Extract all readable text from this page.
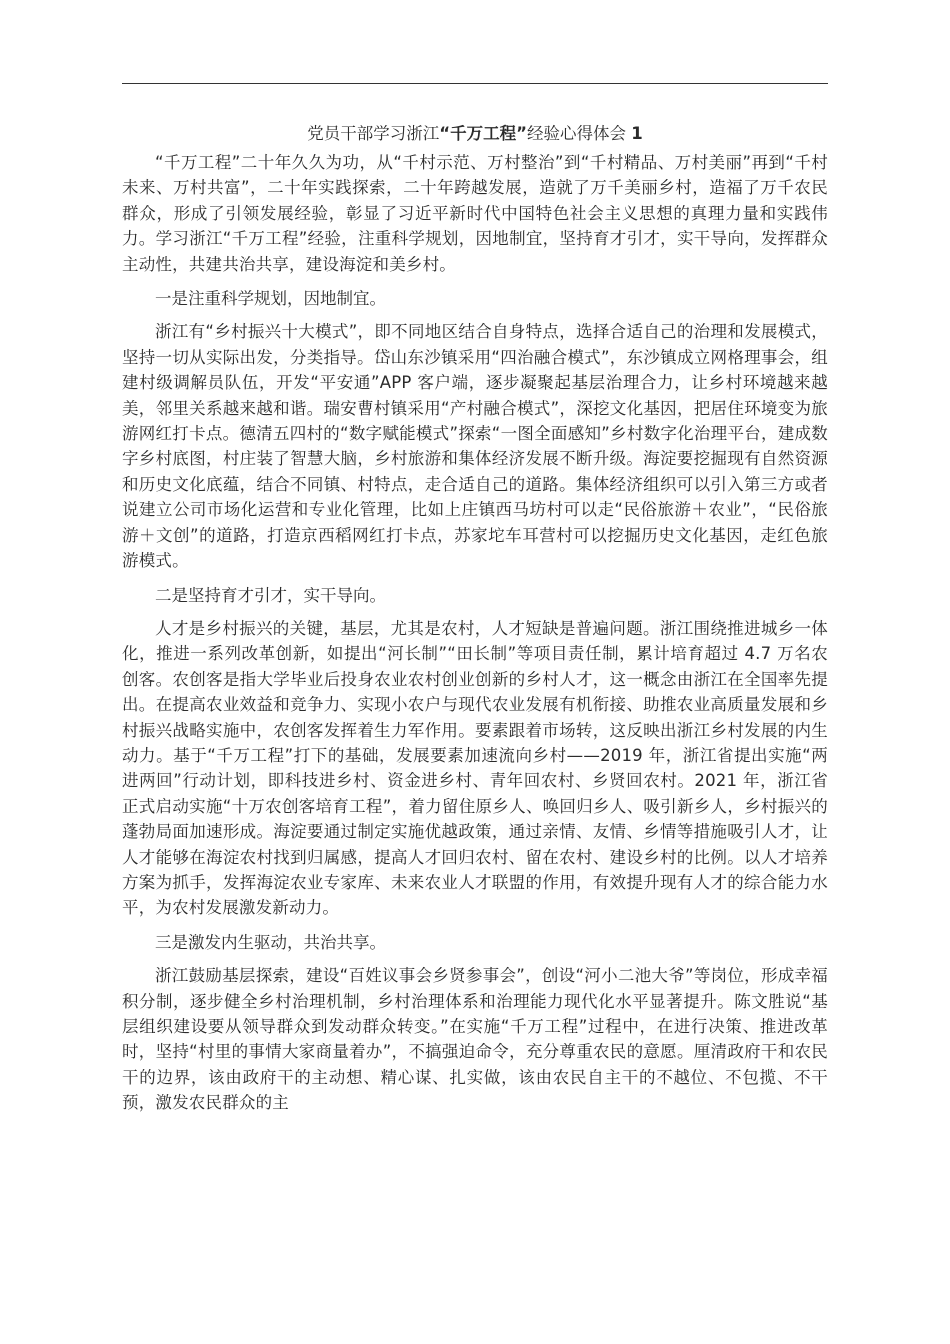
党员干部学习浙江“千万工程”经验心得体会 1

“千万工程”二十年久久为功，从“千村示范、万村整治”到“千村精品、万村美丽”再到“千村未来、万村共富”，二十年实践探索，二十年跨越发展，造就了万千美丽乡村，造福了万千农民群众，形成了引领发展经验，彰显了习近平新时代中国特色社会主义思想的真理力量和实践伟力。学习浙江“千万工程”经验，注重科学规划，因地制宜，坚持育才引才，实干导向，发挥群众主动性，共建共治共享，建设海淀和美乡村。

一是注重科学规划，因地制宜。

浙江有“乡村振兴十大模式”，即不同地区结合自身特点，选择合适自己的治理和发展模式，坚持一切从实际出发，分类指导。岱山东沙镇采用“四治融合模式”，东沙镇成立网格理事会，组建村级调解员队伍，开发“平安通”APP 客户端，逐步凝聚起基层治理合力，让乡村环境越来越美，邻里关系越来越和谐。瑞安曹村镇采用“产村融合模式”，深挖文化基因，把居住环境变为旅游网红打卡点。德清五四村的“数字赋能模式”探索“一图全面感知”乡村数字化治理平台，建成数字乡村底图，村庄装了智慧大脑，乡村旅游和集体经济发展不断升级。海淀要挖掘现有自然资源和历史文化底蕴，结合不同镇、村特点，走合适自己的道路。集体经济组织可以引入第三方或者说建立公司市场化运营和专业化管理，比如上庄镇西马坊村可以走“民俗旅游＋农业”，“民俗旅游＋文创”的道路，打造京西稻网红打卡点，苏家坨车耳营村可以挖掘历史文化基因，走红色旅游模式。

二是坚持育才引才，实干导向。

人才是乡村振兴的关键，基层，尤其是农村，人才短缺是普遍问题。浙江围绕推进城乡一体化，推进一系列改革创新，如提出“河长制”“田长制”等项目责任制，累计培育超过 4.7 万名农创客。农创客是指大学毕业后投身农业农村创业创新的乡村人才，这一概念由浙江在全国率先提出。在提高农业效益和竞争力、实现小农户与现代农业发展有机衔接、助推农业高质量发展和乡村振兴战略实施中，农创客发挥着生力军作用。要素跟着市场转，这反映出浙江乡村发展的内生动力。基于“千万工程”打下的基础，发展要素加速流向乡村——2019 年，浙江省提出实施“两进两回”行动计划，即科技进乡村、资金进乡村、青年回农村、乡贤回农村。2021 年，浙江省正式启动实施“十万农创客培育工程”，着力留住原乡人、唤回归乡人、吸引新乡人，乡村振兴的蓬勃局面加速形成。海淀要通过制定实施优越政策，通过亲情、友情、乡情等措施吸引人才，让人才能够在海淀农村找到归属感，提高人才回归农村、留在农村、建设乡村的比例。以人才培养方案为抓手，发挥海淀农业专家库、未来农业人才联盟的作用，有效提升现有人才的综合能力水平，为农村发展激发新动力。

三是激发内生驱动，共治共享。

浙江鼓励基层探索，建设“百姓议事会乡贤参事会”，创设“河小二池大爷”等岗位，形成幸福积分制，逐步健全乡村治理机制，乡村治理体系和治理能力现代化水平显著提升。陈文胜说“基层组织建设要从领导群众到发动群众转变。”在实施“千万工程”过程中，在进行决策、推进改革时，坚持“村里的事情大家商量着办”，不搞强迫命令，充分尊重农民的意愿。厘清政府干和农民干的边界，该由政府干的主动想、精心谋、扎实做，该由农民自主干的不越位、不包揽、不干预，激发农民群众的主
